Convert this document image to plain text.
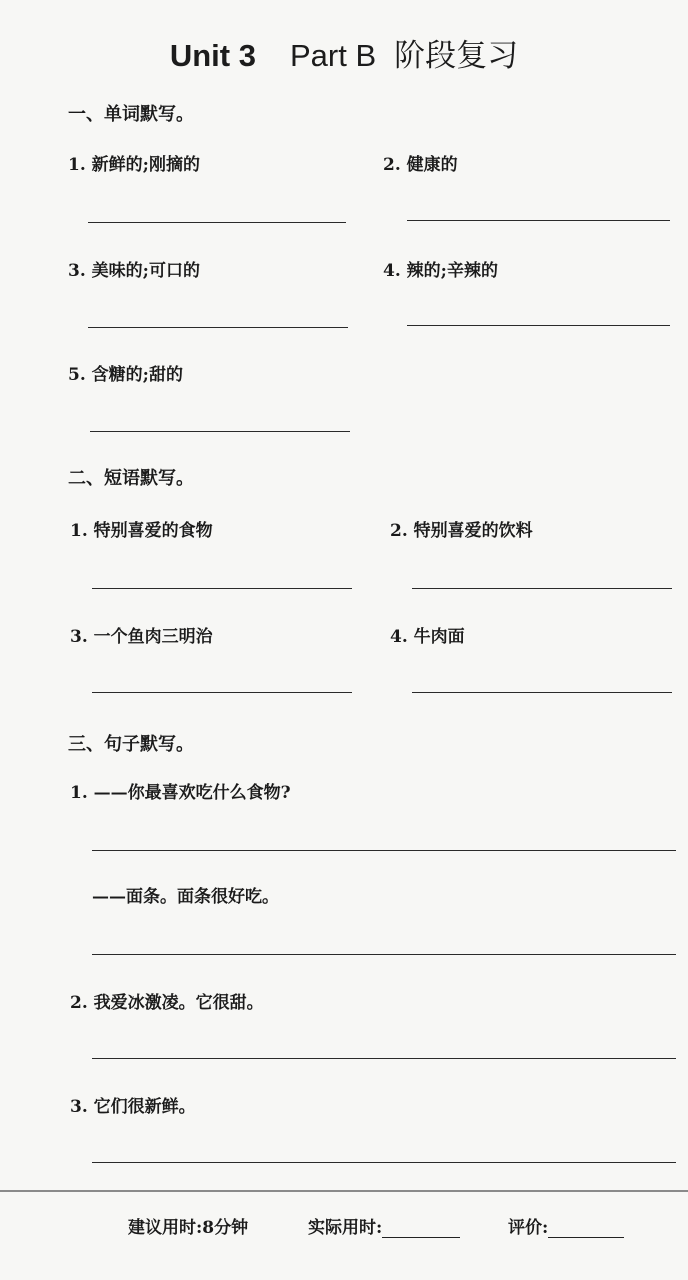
Unit 3 Part B 阶段复习
一、单词默写。
1. 新鲜的;刚摘的	2. 健康的
3. 美味的;可口的	4. 辣的;辛辣的
5. 含糖的;甜的
二、短语默写。
1. 特别喜爱的食物	2. 特别喜爱的饮料
3. 一个鱼肉三明治	4. 牛肉面
三、句子默写。
1. ——你最喜欢吃什么食物?
——面条。面条很好吃。
2. 我爱冰激凌。它很甜。
3. 它们很新鲜。
建议用时:8分钟	实际用时:	评价:
